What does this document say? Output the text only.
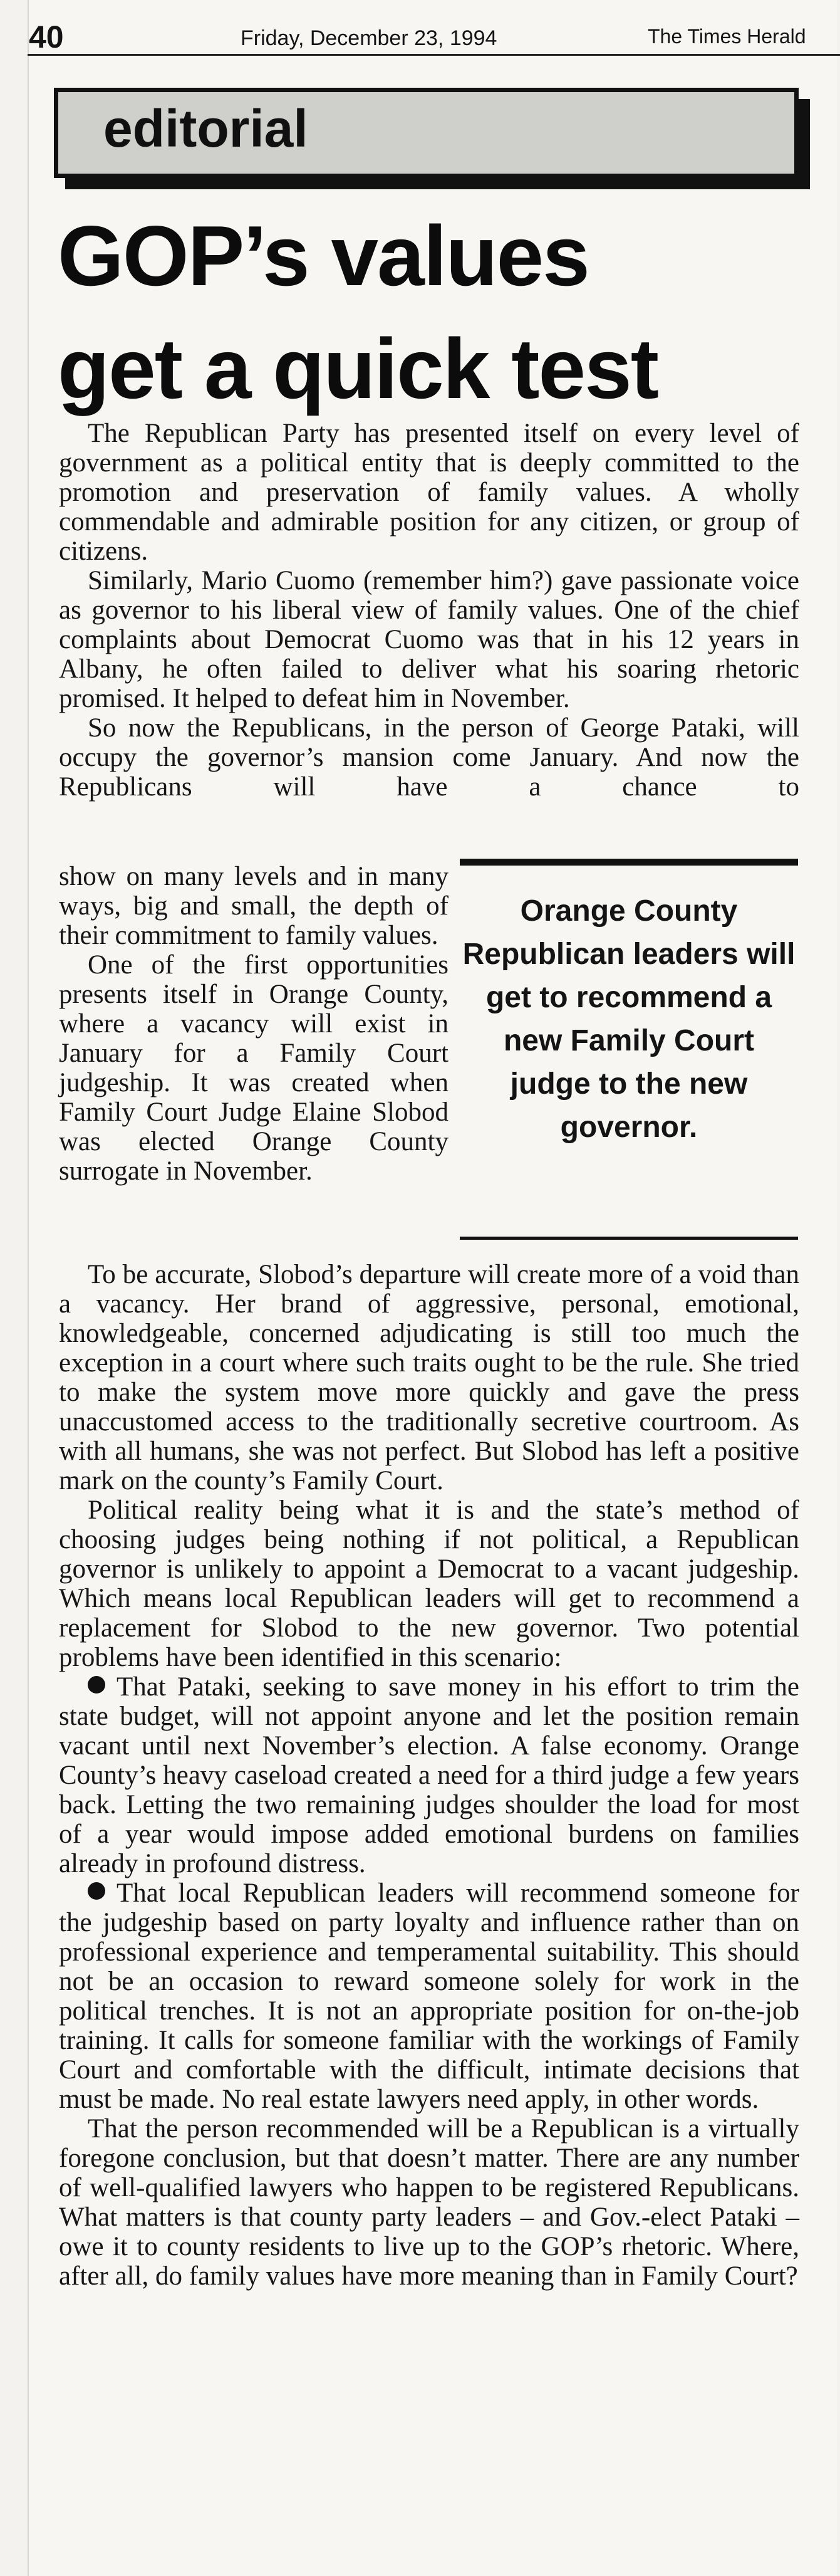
40	Friday, December 23, 1994	The Times Herald
editorial
GOP’s values
get a quick test

The Republican Party has presented itself on every level of government as a political entity that is deeply committed to the promotion and preservation of family values. A wholly commendable and admirable position for any citizen, or group of citizens.

Similarly, Mario Cuomo (remember him?) gave passionate voice as governor to his liberal view of family values. One of the chief complaints about Democrat Cuomo was that in his 12 years in Albany, he often failed to deliver what his soaring rhetoric promised. It helped to defeat him in November.

So now the Republicans, in the person of George Pataki, will occupy the governor’s mansion come January. And now the Republicans will have a chance to

show on many levels and in many ways, big and small, the depth of their commitment to family values.

One of the first opportunities presents itself in Orange County, where a vacancy will exist in January for a Family Court judgeship. It was created when Family Court Judge Elaine Slobod was elected Orange County surrogate in November.

Orange County Republican leaders will get to recommend a new Family Court judge to the new governor.

To be accurate, Slobod’s departure will create more of a void than a vacancy. Her brand of aggressive, personal, emotional, knowledgeable, concerned adjudicating is still too much the exception in a court where such traits ought to be the rule. She tried to make the system move more quickly and gave the press unaccustomed access to the traditionally secretive courtroom. As with all humans, she was not perfect. But Slobod has left a positive mark on the county’s Family Court.

Political reality being what it is and the state’s method of choosing judges being nothing if not political, a Republican governor is unlikely to appoint a Democrat to a vacant judgeship. Which means local Republican leaders will get to recommend a replacement for Slobod to the new governor. Two potential problems have been identified in this scenario:

That Pataki, seeking to save money in his effort to trim the state budget, will not appoint anyone and let the position remain vacant until next November’s election. A false economy. Orange County’s heavy caseload created a need for a third judge a few years back. Letting the two remaining judges shoulder the load for most of a year would impose added emotional burdens on families already in profound distress.

That local Republican leaders will recommend someone for the judgeship based on party loyalty and influence rather than on professional experience and temperamental suitability. This should not be an occasion to reward someone solely for work in the political trenches. It is not an appropriate position for on-the-job training. It calls for someone familiar with the workings of Family Court and comfortable with the difficult, intimate decisions that must be made. No real estate lawyers need apply, in other words.

That the person recommended will be a Republican is a virtually foregone conclusion, but that doesn’t matter. There are any number of well-qualified lawyers who happen to be registered Republicans. What matters is that county party leaders – and Gov.-elect Pataki – owe it to county residents to live up to the GOP’s rhetoric. Where, after all, do family values have more meaning than in Family Court?
